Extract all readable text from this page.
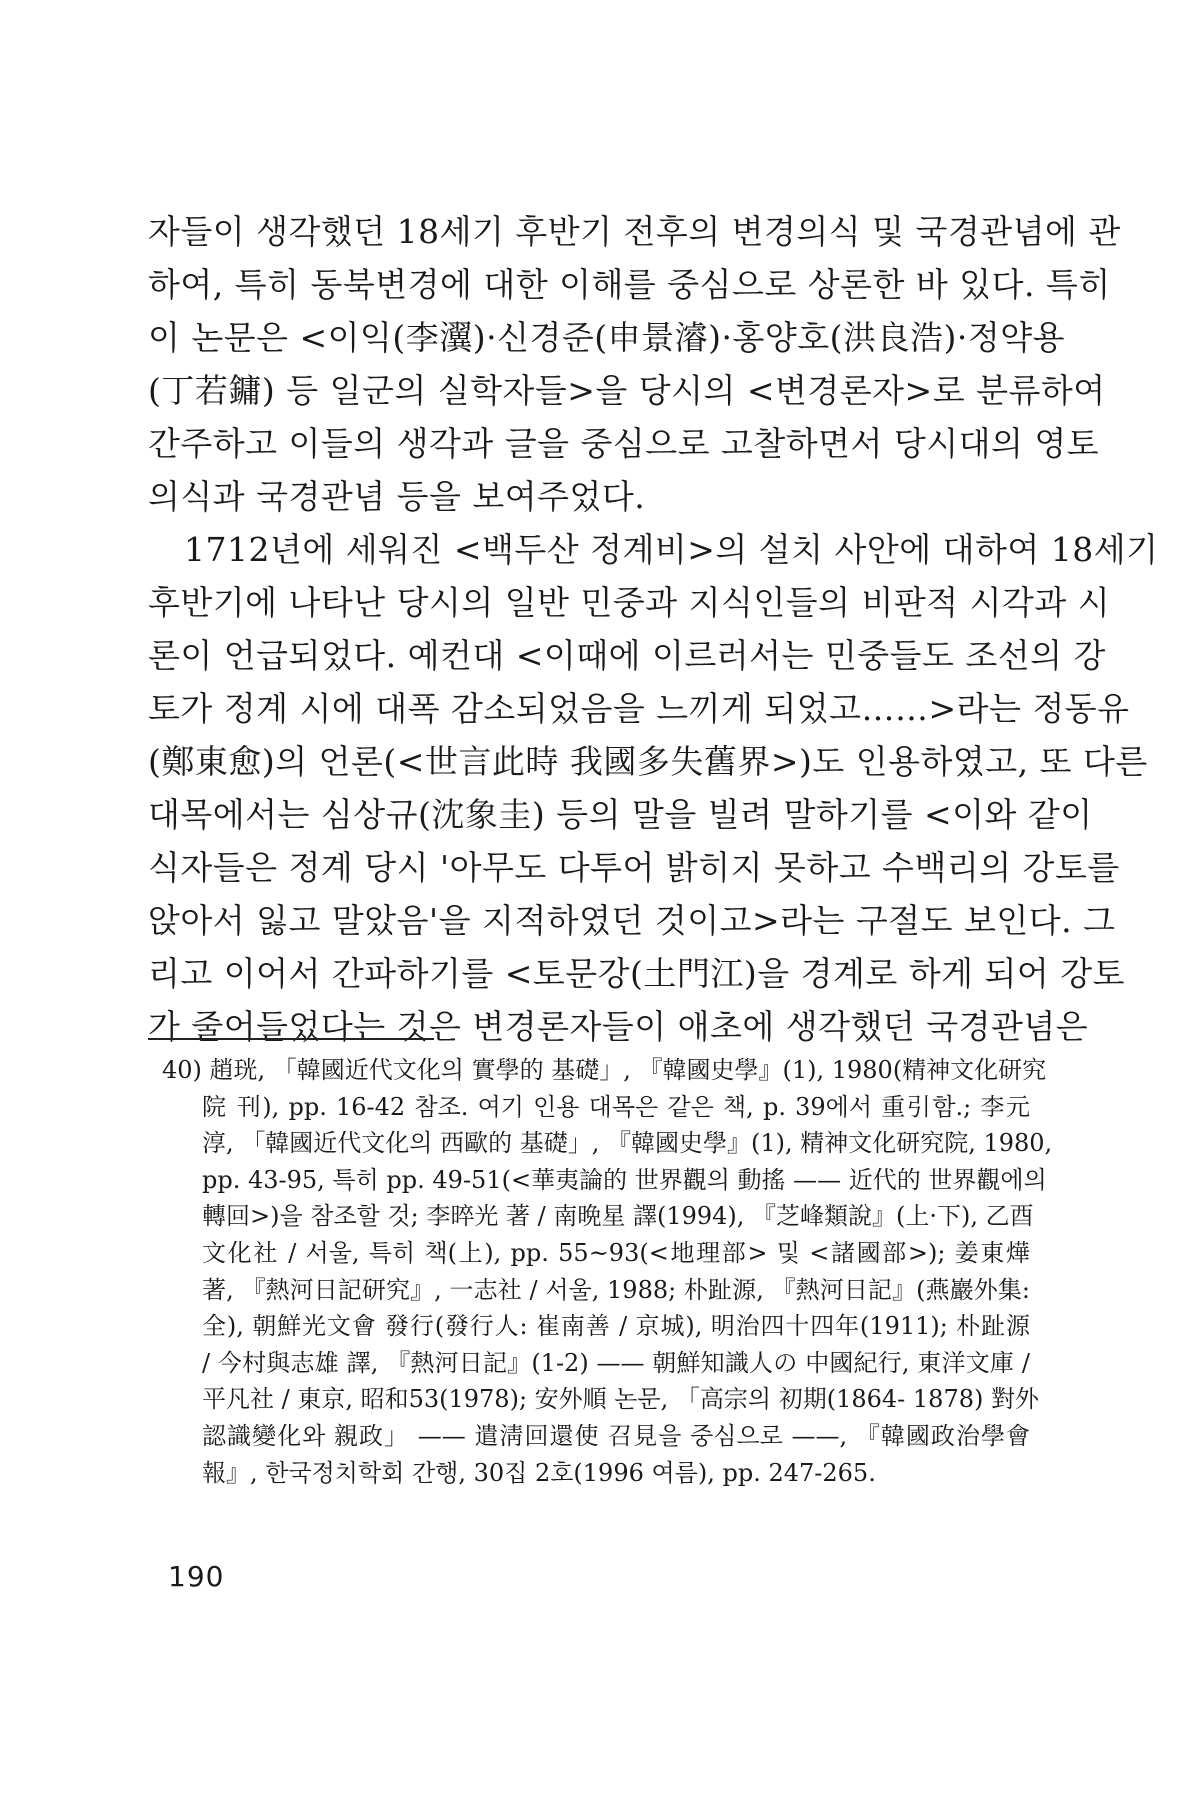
자들이 생각했던 18세기 후반기 전후의 변경의식 및 국경관념에 관
하여, 특히 동북변경에 대한 이해를 중심으로 상론한 바 있다. 특히
이 논문은 <이익(李瀷)·신경준(申景濬)·홍양호(洪良浩)·정약용
(丁若鏞) 등 일군의 실학자들>을 당시의 <변경론자>로 분류하여
간주하고 이들의 생각과 글을 중심으로 고찰하면서 당시대의 영토
의식과 국경관념 등을 보여주었다.
1712년에 세워진 <백두산 정계비>의 설치 사안에 대하여 18세기
후반기에 나타난 당시의 일반 민중과 지식인들의 비판적 시각과 시
론이 언급되었다. 예컨대 <이때에 이르러서는 민중들도 조선의 강
토가 정계 시에 대폭 감소되었음을 느끼게 되었고……>라는 정동유
(鄭東愈)의 언론(<世言此時 我國多失舊界>)도 인용하였고, 또 다른
대목에서는 심상규(沈象圭) 등의 말을 빌려 말하기를 <이와 같이
식자들은 정계 당시 '아무도 다투어 밝히지 못하고 수백리의 강토를
앉아서 잃고 말았음'을 지적하였던 것이고>라는 구절도 보인다. 그
리고 이어서 간파하기를 <토문강(土門江)을 경계로 하게 되어 강토
가 줄어들었다는 것은 변경론자들이 애초에 생각했던 국경관념은
40) 趙珖, 「韓國近代文化의 實學的 基礎」, 『韓國史學』(1), 1980(精神文化研究
院 刊), pp. 16-42 참조. 여기 인용 대목은 같은 책, p. 39에서 重引함.; 李元
淳, 「韓國近代文化의 西歐的 基礎」, 『韓國史學』(1), 精神文化研究院, 1980,
pp. 43-95, 특히 pp. 49-51(<華夷論的 世界觀의 動搖 —— 近代的 世界觀에의
轉回>)을 참조할 것; 李晬光 著 / 南晩星 譯(1994), 『芝峰類說』(上·下), 乙酉
文化社 / 서울, 특히 책(上), pp. 55~93(<地理部> 및 <諸國部>); 姜東燁
著, 『熱河日記研究』, 一志社 / 서울, 1988; 朴趾源, 『熱河日記』(燕巖外集:
全), 朝鮮光文會 發行(發行人: 崔南善 / 京城), 明治四十四年(1911); 朴趾源
/ 今村與志雄 譯, 『熱河日記』(1-2) —— 朝鮮知識人の 中國紀行, 東洋文庫 /
平凡社 / 東京, 昭和53(1978); 安外順 논문, 「高宗의 初期(1864- 1878) 對外
認識變化와 親政」 —— 遣淸回還使 召見을 중심으로 ——, 『韓國政治學會
報』, 한국정치학회 간행, 30집 2호(1996 여름), pp. 247-265.
190
